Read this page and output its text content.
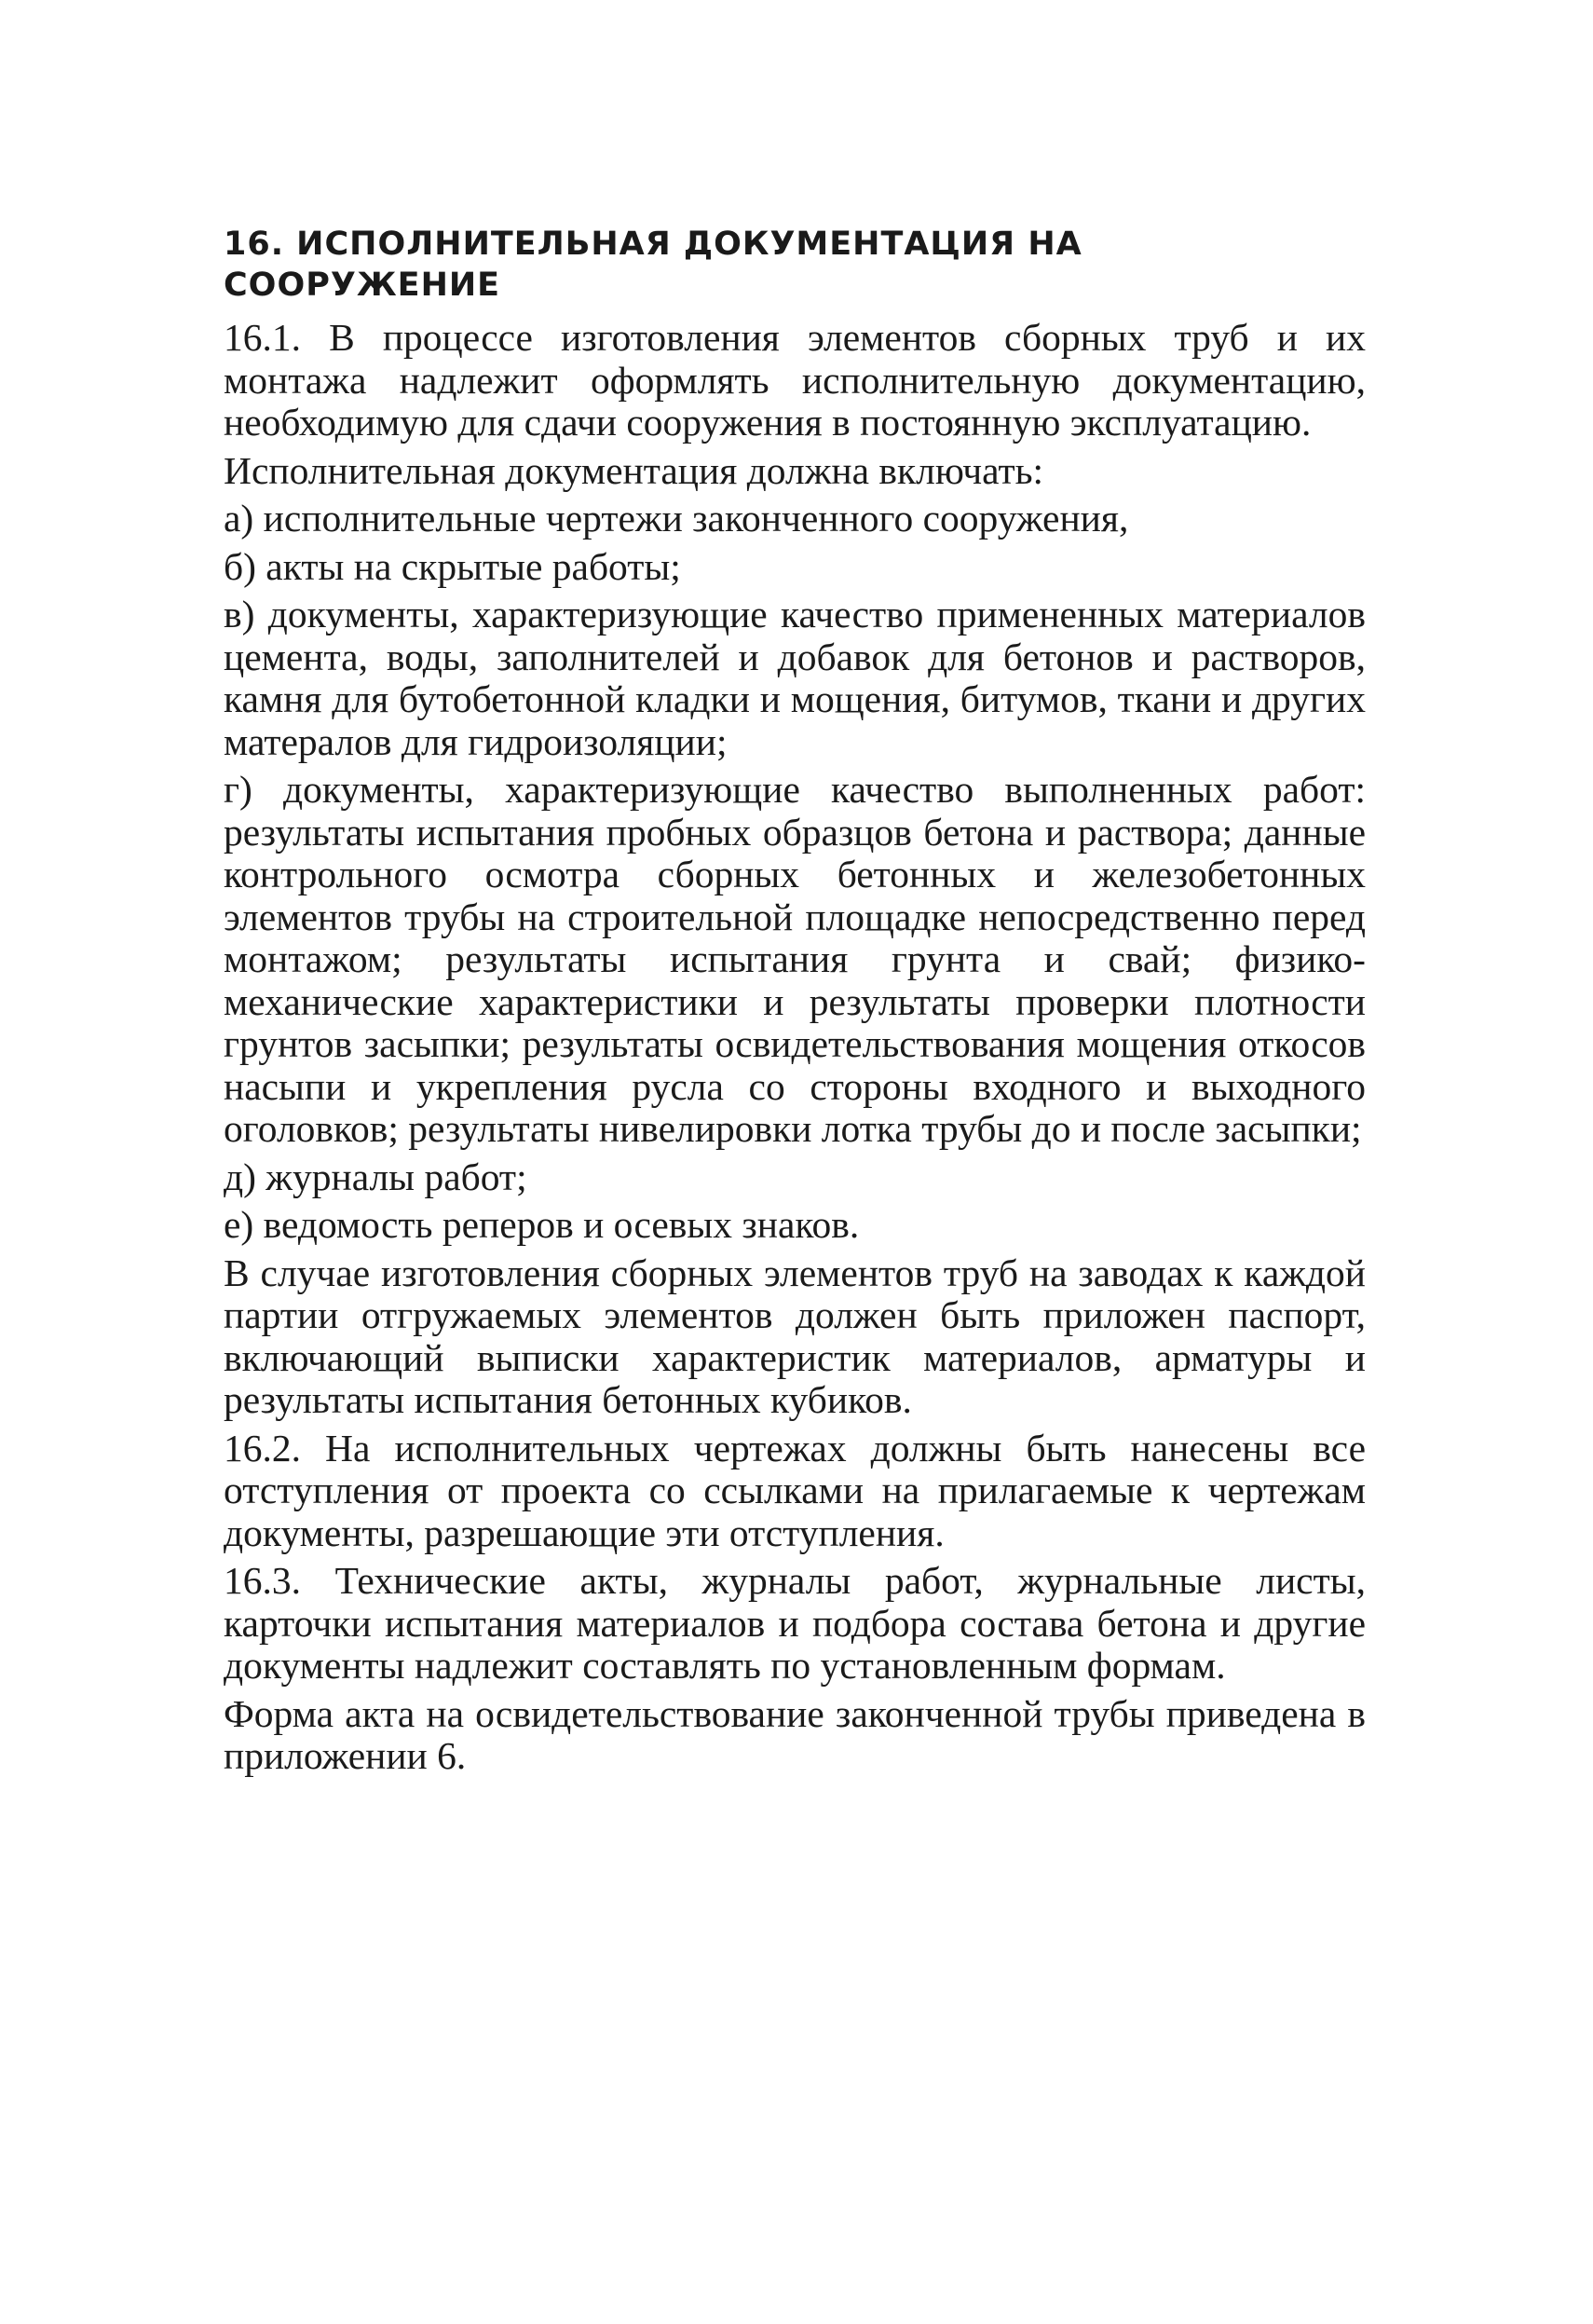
16. ИСПОЛНИТЕЛЬНАЯ ДОКУМЕНТАЦИЯ НА СООРУЖЕНИЕ

16.1. В процессе изготовления элементов сборных труб и их монтажа надлежит оформлять исполнительную документацию, необходимую для сдачи сооружения в постоянную эксплуатацию.

Исполнительная документация должна включать:

а) исполнительные чертежи законченного сооружения,

б) акты на скрытые работы;

в) документы, характеризующие качество примененных материалов цемента, воды, заполнителей и добавок для бетонов и растворов, камня для бутобетонной кладки и мощения, битумов, ткани и других матералов для гидроизоляции;

г) документы, характеризующие качество выполненных работ: результаты испытания пробных образцов бетона и раствора; данные контрольного осмотра сборных бетонных и железобетонных элементов трубы на строительной площадке непосредственно перед монтажом; результаты испытания грунта и свай; физико-механические характеристики и результаты проверки плотности грунтов засыпки; результаты освидетельствования мощения откосов насыпи и укрепления русла со стороны входного и выходного оголовков; результаты нивелировки лотка трубы до и после засыпки;

д) журналы работ;

е) ведомость реперов и осевых знаков.

В случае изготовления сборных элементов труб на заводах к каждой партии отгружаемых элементов должен быть приложен паспорт, включающий выписки характеристик материалов, арматуры и результаты испытания бетонных кубиков.

16.2. На исполнительных чертежах должны быть нанесены все отступления от проекта со ссылками на прилагаемые к чертежам документы, разрешающие эти отступления.

16.3. Технические акты, журналы работ, журнальные листы, карточки испытания материалов и подбора состава бетона и другие документы надлежит составлять по установленным формам.

Форма акта на освидетельствование законченной трубы приведена в приложении 6.
